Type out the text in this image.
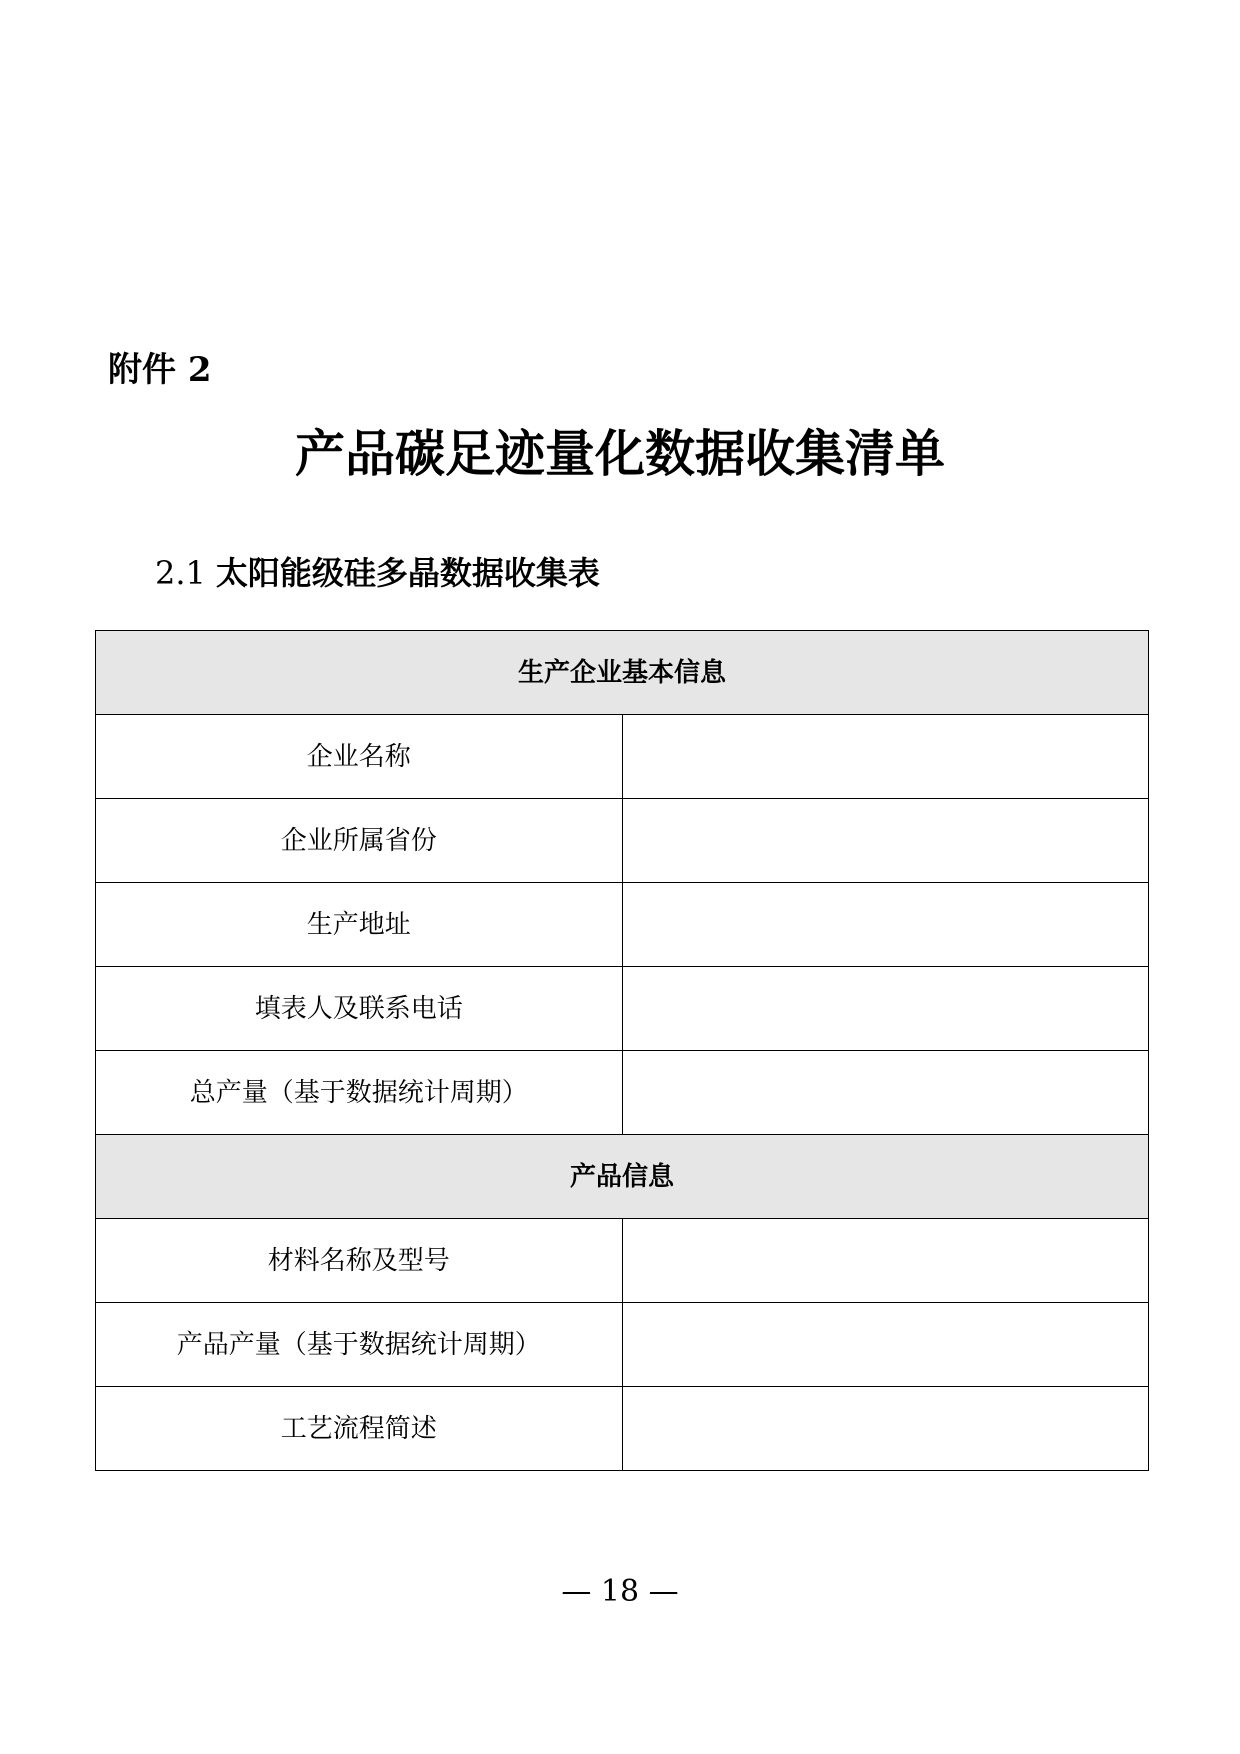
附件 2
产品碳足迹量化数据收集清单
2.1 太阳能级硅多晶数据收集表
生产企业基本信息	
企业名称	
企业所属省份	
生产地址	
填表人及联系电话	
总产量（基于数据统计周期）	
产品信息	
材料名称及型号	
产品产量（基于数据统计周期）	
工艺流程简述	
— 18 —
